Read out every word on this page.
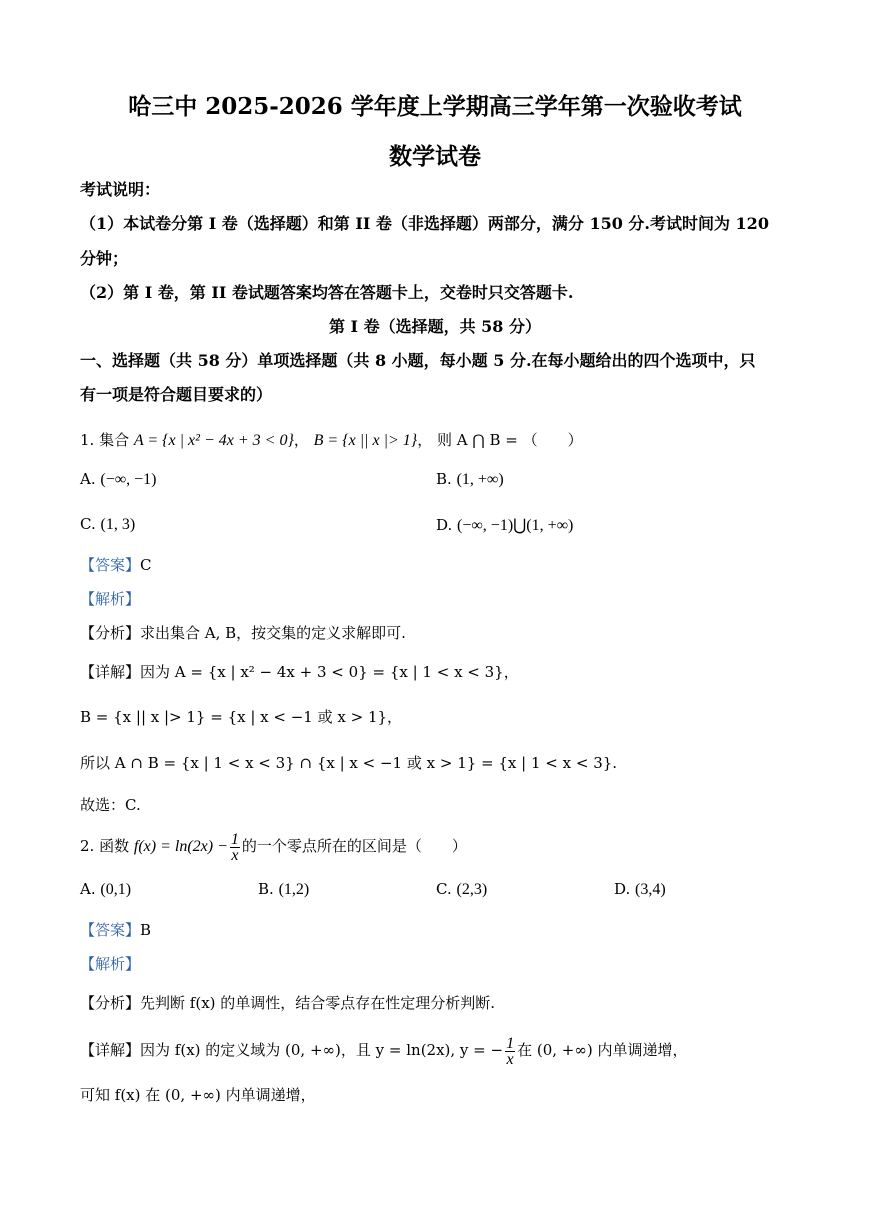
哈三中 2025-2026 学年度上学期高三学年第一次验收考试
数学试卷
考试说明：
（1）本试卷分第 I 卷（选择题）和第 II 卷（非选择题）两部分，满分 150 分.考试时间为 120
分钟；
（2）第 I 卷，第 II 卷试题答案均答在答题卡上，交卷时只交答题卡.
第 I 卷（选择题，共 58 分）
一、选择题（共 58 分）单项选择题（共 8 小题，每小题 5 分.在每小题给出的四个选项中，只
有一项是符合题目要求的）
1. 集合 A = {x | x² − 4x + 3 < 0}， B = {x || x |> 1}， 则 A ⋂ B = （　　）
A. (−∞, −1)	B. (1, +∞)
C. (1, 3)	D. (−∞, −1)⋃(1, +∞)
【答案】C
【解析】
【分析】求出集合 A, B，按交集的定义求解即可.
【详解】因为 A = {x | x² − 4x + 3 < 0} = {x | 1 < x < 3}，
B = {x || x |> 1} = {x | x < −1 或 x > 1}，
所以 A ∩ B = {x | 1 < x < 3} ∩ {x | x < −1 或 x > 1} = {x | 1 < x < 3}.
故选：C.
2. 函数 $f(x) = \ln(2x) - \frac{1}{x}$ 的一个零点所在的区间是（　　）
A. (0,1)	B. (1,2)	C. (2,3)	D. (3,4)
【答案】B
【解析】
【分析】先判断 f(x) 的单调性，结合零点存在性定理分析判断.
【详解】因为 f(x) 的定义域为 (0, +∞)，且 y = ln(2x), y = − $\frac{1}{x}$ 在 (0, +∞) 内单调递增，
可知 f(x) 在 (0, +∞) 内单调递增，
